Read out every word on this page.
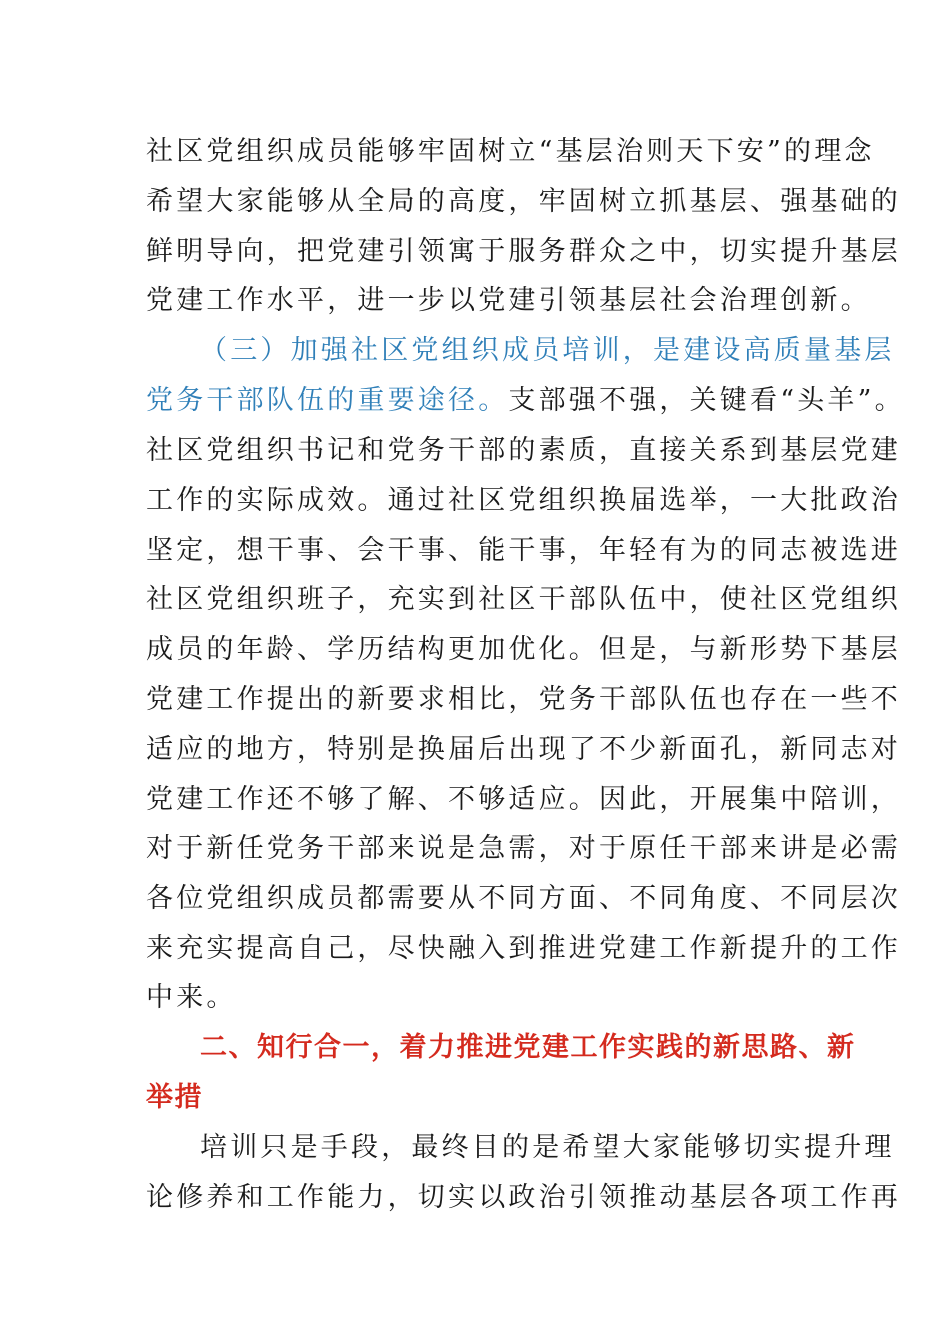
社区党组织成员能够牢固树立“基层治则天下安”的理念
希望大家能够从全局的高度，牢固树立抓基层、强基础的
鲜明导向，把党建引领寓于服务群众之中，切实提升基层
党建工作水平，进一步以党建引领基层社会治理创新。
（三）加强社区党组织成员培训，是建设高质量基层
党务干部队伍的重要途径。支部强不强，关键看“头羊”。
社区党组织书记和党务干部的素质，直接关系到基层党建
工作的实际成效。通过社区党组织换届选举，一大批政治
坚定，想干事、会干事、能干事，年轻有为的同志被选进
社区党组织班子，充实到社区干部队伍中，使社区党组织
成员的年龄、学历结构更加优化。但是，与新形势下基层
党建工作提出的新要求相比，党务干部队伍也存在一些不
适应的地方，特别是换届后出现了不少新面孔，新同志对
党建工作还不够了解、不够适应。因此，开展集中陪训，
对于新任党务干部来说是急需，对于原任干部来讲是必需
各位党组织成员都需要从不同方面、不同角度、不同层次
来充实提高自己，尽快融入到推进党建工作新提升的工作
中来。
二、知行合一，着力推进党建工作实践的新思路、新
举措
培训只是手段，最终目的是希望大家能够切实提升理
论修养和工作能力，切实以政治引领推动基层各项工作再
